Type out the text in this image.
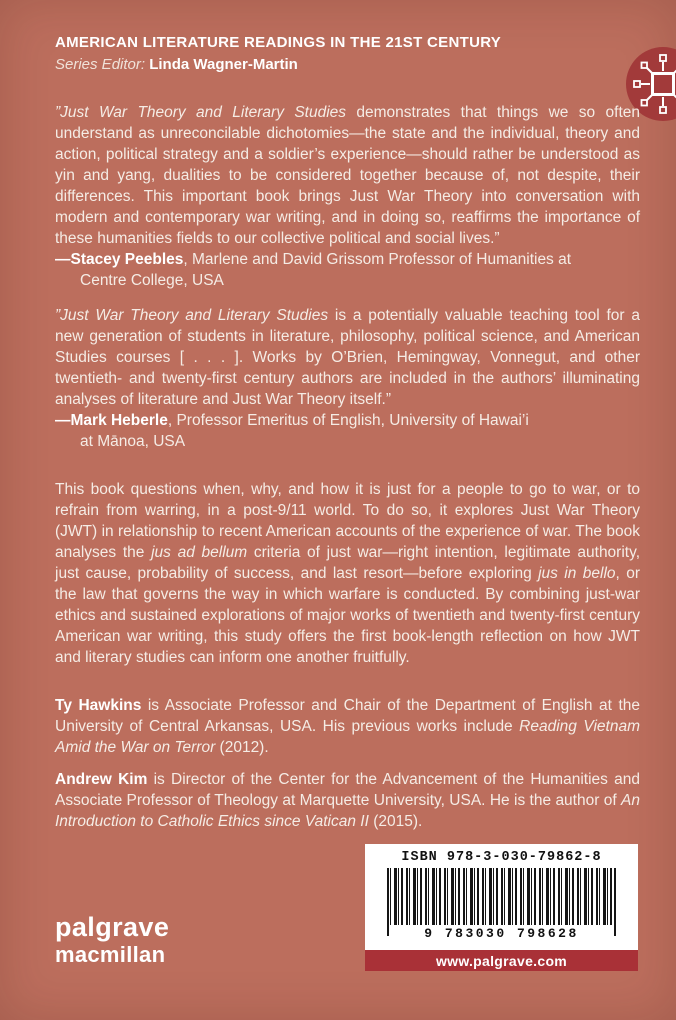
AMERICAN LITERATURE READINGS IN THE 21ST CENTURY
Series Editor: Linda Wagner-Martin

”Just War Theory and Literary Studies demonstrates that things we so often understand as unreconcilable dichotomies—the state and the individual, theory and action, political strategy and a soldier’s experience—should rather be understood as yin and yang, dualities to be considered together because of, not despite, their differences. This important book brings Just War Theory into conversation with modern and contemporary war writing, and in doing so, reaffirms the importance of these humanities fields to our collective political and social lives.”

—Stacey Peebles, Marlene and David Grissom Professor of Humanities at
Centre College, USA

”Just War Theory and Literary Studies is a potentially valuable teaching tool for a new generation of students in literature, philosophy, political science, and American Studies courses [ . . . ]. Works by O’Brien, Hemingway, Vonnegut, and other twentieth- and twenty-first century authors are included in the authors’ illuminating analyses of literature and Just War Theory itself.”

—Mark Heberle, Professor Emeritus of English, University of Hawai’i
at Mānoa, USA

This book questions when, why, and how it is just for a people to go to war, or to refrain from warring, in a post-9/11 world. To do so, it explores Just War Theory (JWT) in relationship to recent American accounts of the experience of war. The book analyses the jus ad bellum criteria of just war—right intention, legitimate authority, just cause, probability of success, and last resort—before exploring jus in bello, or the law that governs the way in which warfare is conducted. By combining just-war ethics and sustained explorations of major works of twentieth and twenty-first century American war writing, this study offers the first book-length reflection on how JWT and literary studies can inform one another fruitfully.

Ty Hawkins is Associate Professor and Chair of the Department of English at the University of Central Arkansas, USA. His previous works include Reading Vietnam Amid the War on Terror (2012).

Andrew Kim is Director of the Center for the Advancement of the Humanities and Associate Professor of Theology at Marquette University, USA. He is the author of An Introduction to Catholic Ethics since Vatican II (2015).

palgrave
macmillan
ISBN 978-3-030-79862-8
9 783030 798628
www.palgrave.com
